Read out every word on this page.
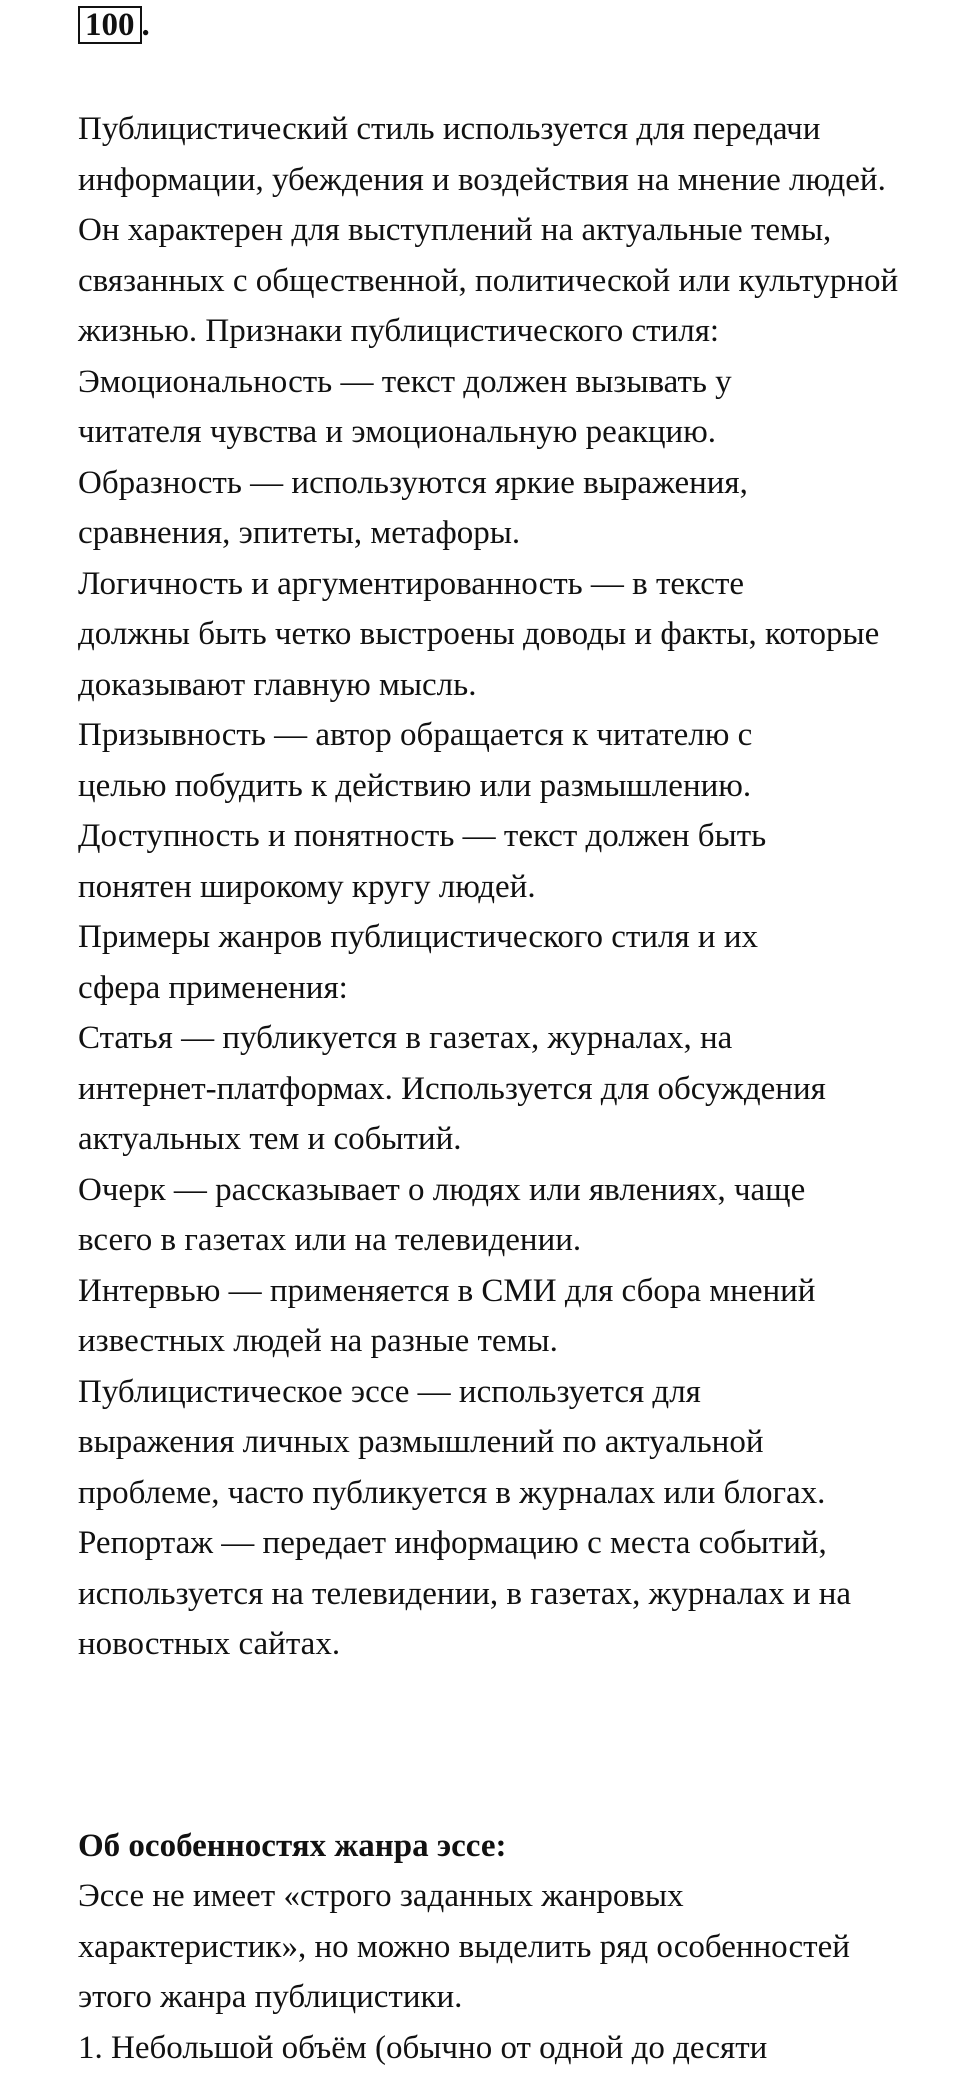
100 .

Публицистический стиль используется для передачи
информации, убеждения и воздействия на мнение людей.
Он характерен для выступлений на актуальные темы,
связанных с общественной, политической или культурной
жизнью. Признаки публицистического стиля:

Эмоциональность — текст должен вызывать у
читателя чувства и эмоциональную реакцию.

Образность — используются яркие выражения,
сравнения, эпитеты, метафоры.

Логичность и аргументированность — в тексте
должны быть четко выстроены доводы и факты, которые
доказывают главную мысль.

Призывность — автор обращается к читателю с
целью побудить к действию или размышлению.

Доступность и понятность — текст должен быть
понятен широкому кругу людей.

Примеры жанров публицистического стиля и их
сфера применения:

Статья — публикуется в газетах, журналах, на
интернет-платформах. Используется для обсуждения
актуальных тем и событий.

Очерк — рассказывает о людях или явлениях, чаще
всего в газетах или на телевидении.

Интервью — применяется в СМИ для сбора мнений
известных людей на разные темы.

Публицистическое эссе — используется для
выражения личных размышлений по актуальной
проблеме, часто публикуется в журналах или блогах.

Репортаж — передает информацию с места событий,
используется на телевидении, в газетах, журналах и на
новостных сайтах.

Об особенностях жанра эссе:

Эссе не имеет «строго заданных жанровых
характеристик», но можно выделить ряд особенностей
этого жанра публицистики.

1. Небольшой объём (обычно от одной до десяти
